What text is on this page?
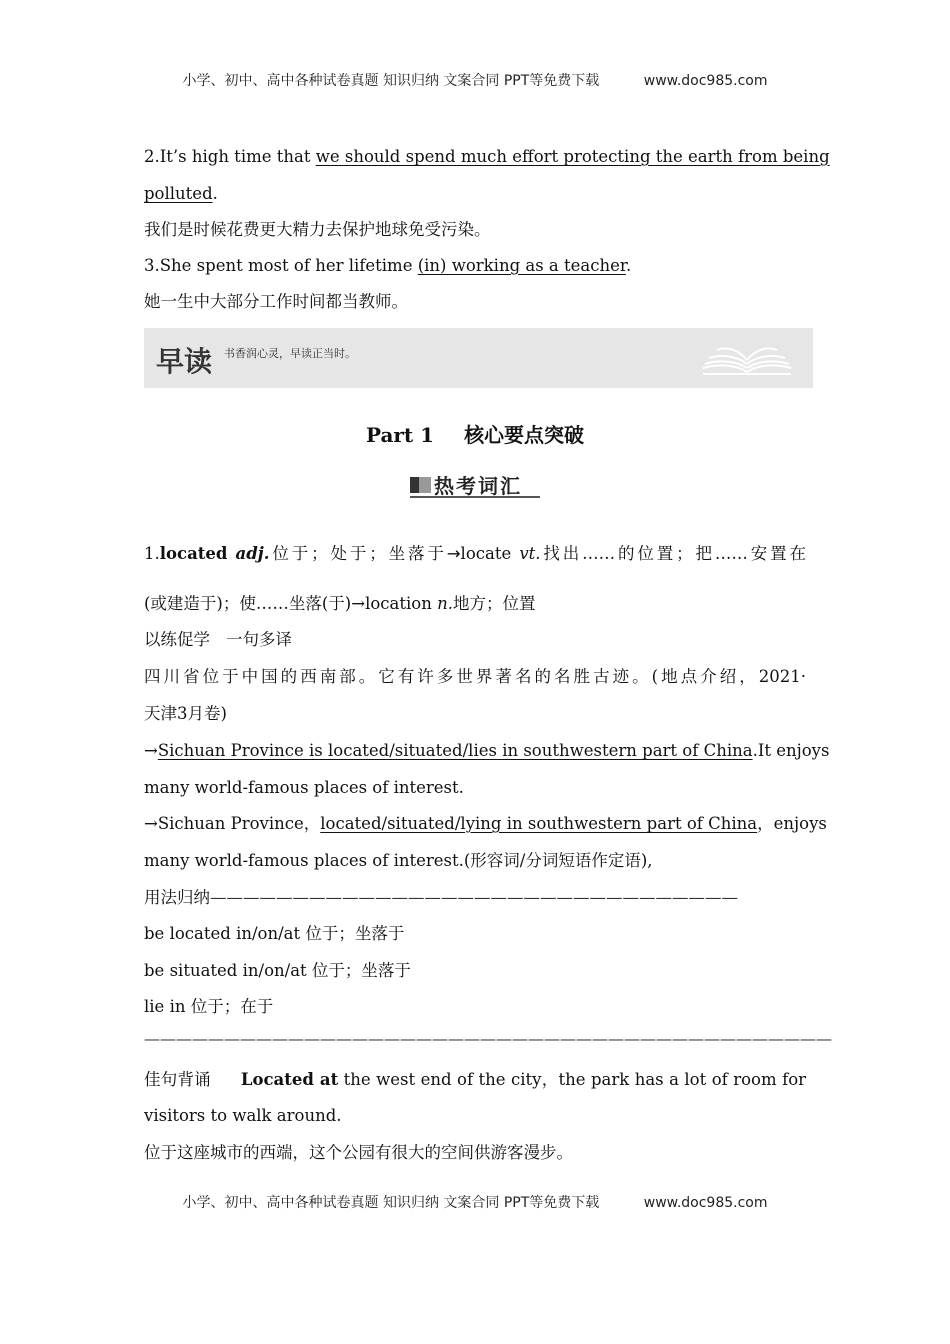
小学、初中、高中各种试卷真题 知识归纳 文案合同 PPT等免费下载	www.doc985.com
2.It’s high time that we should spend much effort protecting the earth from being
polluted.
我们是时候花费更大精力去保护地球免受污染。
3.She spent most of her lifetime (in) working as a teacher.
她一生中大部分工作时间都当教师。
早读 书香润心灵，早读正当时。
Part 1 核心要点突破
热考词汇
1.located adj.位于；处于；坐落于→locate vt.找出……的位置；把……安置在
(或建造于)；使……坐落(于)→location n.地方；位置
以练促学 一句多译
四川省位于中国的西南部。它有许多世界著名的名胜古迹。(地点介绍，2021·
天津3月卷)
→Sichuan Province is located/situated/lies in southwestern part of China.It enjoys
many world-famous places of interest.
→Sichuan Province，located/situated/lying in southwestern part of China，enjoys
many world-famous places of interest.(形容词/分词短语作定语),
用法归纳————————————————————————————————
be located in/on/at 位于；坐落于
be situated in/on/at 位于；坐落于
lie in 位于；在于
———————————————————————————————————————————
佳句背诵 Located at the west end of the city，the park has a lot of room for
visitors to walk around.
位于这座城市的西端，这个公园有很大的空间供游客漫步。
小学、初中、高中各种试卷真题 知识归纳 文案合同 PPT等免费下载	www.doc985.com
